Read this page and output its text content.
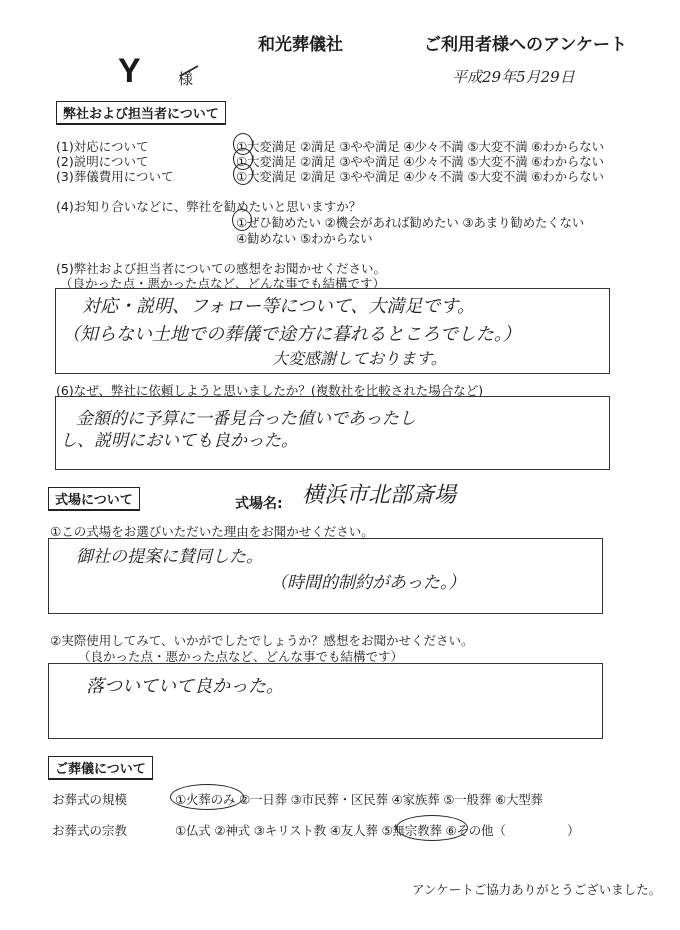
和光葬儀社	ご利用者様へのアンケート
Y 様	平成29年5月29日
弊社および担当者について
(1)対応について	①大変満足 ②満足 ③やや満足 ④少々不満 ⑤大変不満 ⑥わからない
(2)説明について	①大変満足 ②満足 ③やや満足 ④少々不満 ⑤大変不満 ⑥わからない
(3)葬儀費用について	①大変満足 ②満足 ③やや満足 ④少々不満 ⑤大変不満 ⑥わからない
(4)お知り合いなどに、弊社を勧めたいと思いますか？
①ぜひ勧めたい ②機会があれば勧めたい ③あまり勧めたくない
④勧めない ⑤わからない
(5)弊社および担当者についての感想をお聞かせください。
（良かった点・悪かった点など、どんな事でも結構です）
対応・説明、フォロー等について、大満足です。
（知らない土地での葬儀で途方に暮れるところでした。）
大変感謝しております。
(6)なぜ、弊社に依頼しようと思いましたか？(複数社を比較された場合など)
金額的に予算に一番見合った値いであったし
し、説明においても良かった。
式場について	式場名: 横浜市北部斎場
①この式場をお選びいただいた理由をお聞かせください。
御社の提案に賛同した。
（時間的制約があった。）
②実際使用してみて、いかがでしたでしょうか？感想をお聞かせください。
（良かった点・悪かった点など、どんな事でも結構です）
落ついていて良かった。
ご葬儀について
お葬式の規模	①火葬のみ ②一日葬 ③市民葬・区民葬 ④家族葬 ⑤一般葬 ⑥大型葬
お葬式の宗教	①仏式 ②神式 ③キリスト教 ④友人葬 ⑤無宗教葬 ⑥その他（　　　　　）
アンケートご協力ありがとうございました。
